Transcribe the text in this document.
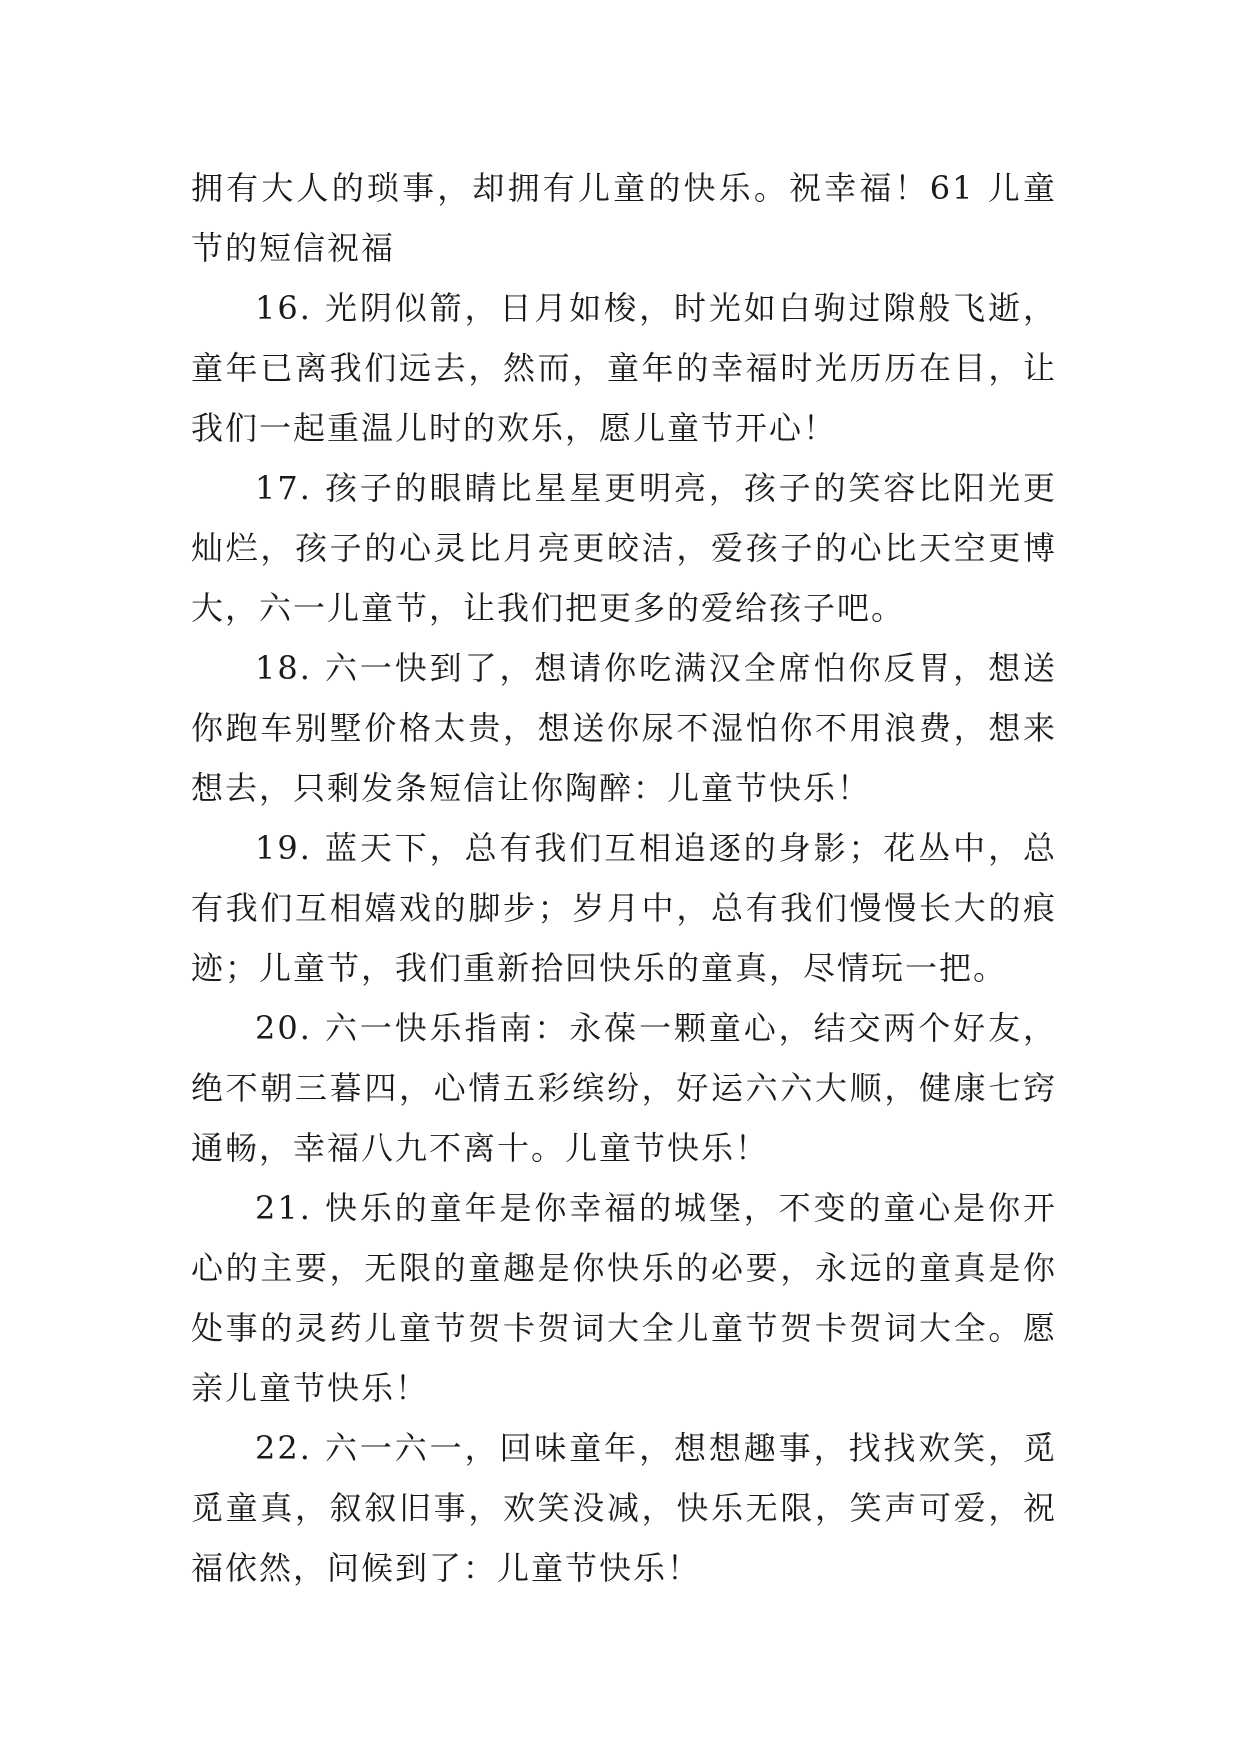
拥有大人的琐事，却拥有儿童的快乐。祝幸福！61 儿童节的短信祝福

16. 光阴似箭，日月如梭，时光如白驹过隙般飞逝，童年已离我们远去，然而，童年的幸福时光历历在目，让我们一起重温儿时的欢乐，愿儿童节开心！

17. 孩子的眼睛比星星更明亮，孩子的笑容比阳光更灿烂，孩子的心灵比月亮更皎洁，爱孩子的心比天空更博大，六一儿童节，让我们把更多的爱给孩子吧。

18. 六一快到了，想请你吃满汉全席怕你反胃，想送你跑车别墅价格太贵，想送你尿不湿怕你不用浪费，想来想去，只剩发条短信让你陶醉：儿童节快乐！

19. 蓝天下，总有我们互相追逐的身影；花丛中，总有我们互相嬉戏的脚步；岁月中，总有我们慢慢长大的痕迹；儿童节，我们重新拾回快乐的童真，尽情玩一把。

20. 六一快乐指南：永葆一颗童心，结交两个好友，绝不朝三暮四，心情五彩缤纷，好运六六大顺，健康七窍通畅，幸福八九不离十。儿童节快乐！

21. 快乐的童年是你幸福的城堡，不变的童心是你开心的主要，无限的童趣是你快乐的必要，永远的童真是你处事的灵药儿童节贺卡贺词大全儿童节贺卡贺词大全。愿亲儿童节快乐！

22. 六一六一，回味童年，想想趣事，找找欢笑，觅觅童真，叙叙旧事，欢笑没减，快乐无限，笑声可爱，祝福依然，问候到了：儿童节快乐！
